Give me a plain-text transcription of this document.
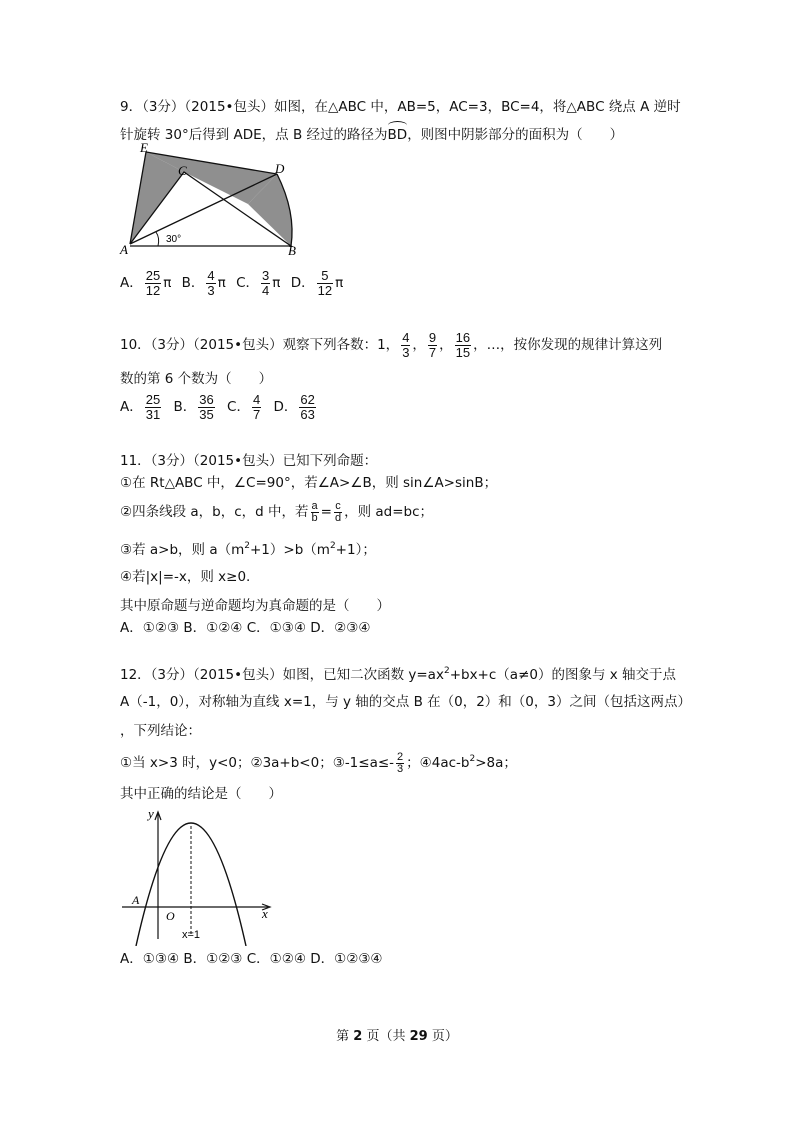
9．（3分）（2015•包头）如图，在△ABC 中，AB=5，AC=3，BC=4，将△ABC 绕点 A 逆时
针旋转 30°后得到 ADE，点 B 经过的路径为BD，则图中阴影部分的面积为（　　）
E
C	D
A	B
30°
A． $\frac{25}{12}$ π B． $\frac{4}{3}$ π C． $\frac{3}{4}$ π D． $\frac{5}{12}$ π
10．（3分）（2015•包头）观察下列各数：1， $\frac{4}{3}$ ， $\frac{9}{7}$ ， $\frac{16}{15}$ ，…，按你发现的规律计算这列
数的第 6 个数为（　　）
A． $\frac{25}{31}$ B． $\frac{36}{35}$ C． $\frac{4}{7}$ D． $\frac{62}{63}$
11．（3分）（2015•包头）已知下列命题：
①在 Rt△ABC 中，∠C=90°，若∠A>∠B，则 sin∠A>sinB；
②四条线段 a，b，c，d 中，若 $\frac{a}{b} = \frac{c}{d}$ ，则 ad=bc；
③若 a>b，则 $a(m^2+1)>b(m^2+1)$；
④若|x|=-x，则 x≥0.
其中原命题与逆命题均为真命题的是（　　）
A．①②③ B．①②④ C．①③④ D．②③④
12．（3分）（2015•包头）如图，已知二次函数 $y=ax^2+bx+c(a\ne 0)$的图象与 x 轴交于点
A（-1，0），对称轴为直线 x=1，与 y 轴的交点 B 在（0，2）和（0，3）之间（包括这两点）
，下列结论：
①当 x>3 时，y<0；②3a+b<0；③-1≤a≤- $\frac{2}{3}$ ；$④4ac-b^2>8a$；
其中正确的结论是（　　）
y
x
O
A
x=1
A．①③④ B．①②③ C．①②④ D．①②③④
第 2 页（共 29 页）
